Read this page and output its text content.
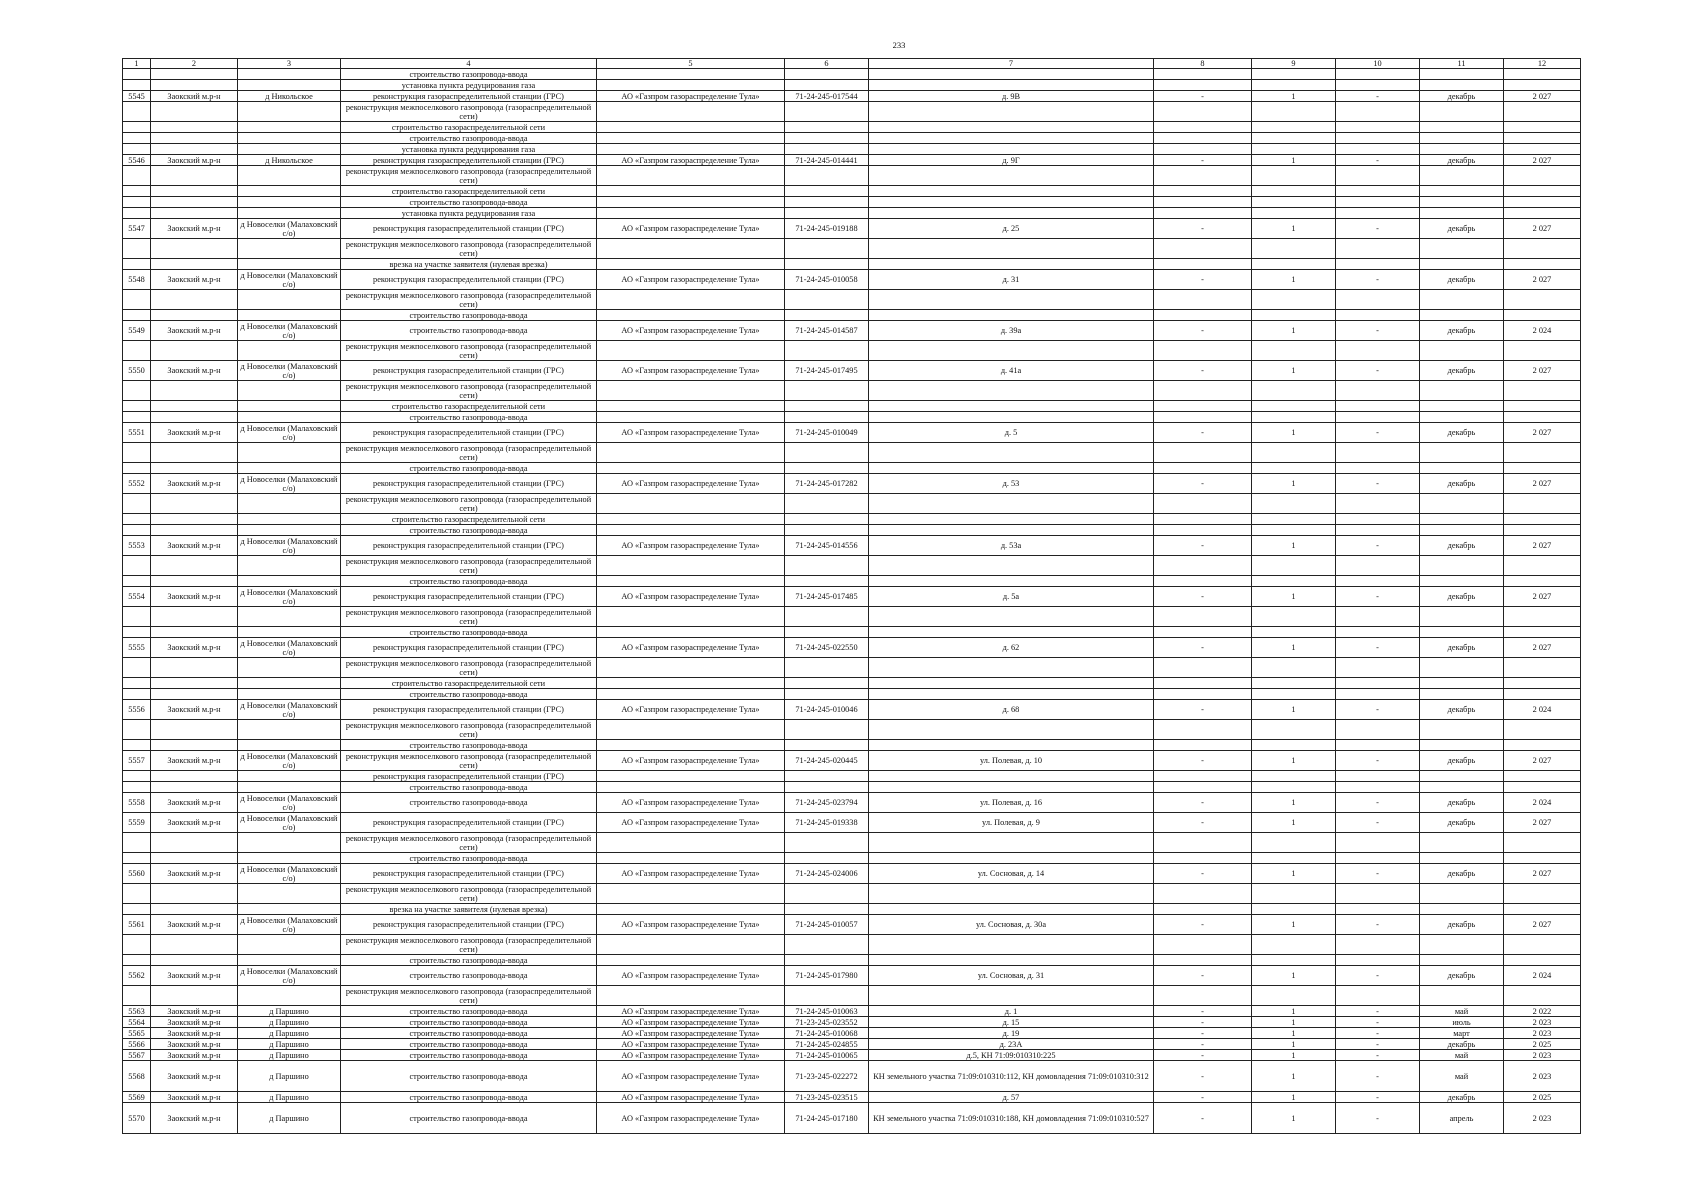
233
1	2	3	4	5	6	7	8	9	10	11	12
			строительство газопровода-ввода								
			установка пункта редуцирования газа								
5545	Заокский м.р-н	д Никольское	реконструкция газораспределительной станции (ГРС)	АО «Газпром газораспределение Тула»	71-24-245-017544	д. 9В	-	1	-	декабрь	2 027
			реконструкция межпоселкового газопровода (газораспределительной сети)								
			строительство газораспределительной сети								
			строительство газопровода-ввода								
			установка пункта редуцирования газа								
5546	Заокский м.р-н	д Никольское	реконструкция газораспределительной станции (ГРС)	АО «Газпром газораспределение Тула»	71-24-245-014441	д. 9Г	-	1	-	декабрь	2 027
			реконструкция межпоселкового газопровода (газораспределительной сети)								
			строительство газораспределительной сети								
			строительство газопровода-ввода								
			установка пункта редуцирования газа								
5547	Заокский м.р-н	д Новоселки (Малаховский с/о)	реконструкция газораспределительной станции (ГРС)	АО «Газпром газораспределение Тула»	71-24-245-019188	д. 25	-	1	-	декабрь	2 027
			реконструкция межпоселкового газопровода (газораспределительной сети)								
			врезка на участке заявителя (нулевая врезка)								
5548	Заокский м.р-н	д Новоселки (Малаховский с/о)	реконструкция газораспределительной станции (ГРС)	АО «Газпром газораспределение Тула»	71-24-245-010058	д. 31	-	1	-	декабрь	2 027
			реконструкция межпоселкового газопровода (газораспределительной сети)								
			строительство газопровода-ввода								
5549	Заокский м.р-н	д Новоселки (Малаховский с/о)	строительство газопровода-ввода	АО «Газпром газораспределение Тула»	71-24-245-014587	д. 39а	-	1	-	декабрь	2 024
			реконструкция межпоселкового газопровода (газораспределительной сети)								
5550	Заокский м.р-н	д Новоселки (Малаховский с/о)	реконструкция газораспределительной станции (ГРС)	АО «Газпром газораспределение Тула»	71-24-245-017495	д. 41а	-	1	-	декабрь	2 027
			реконструкция межпоселкового газопровода (газораспределительной сети)								
			строительство газораспределительной сети								
			строительство газопровода-ввода								
5551	Заокский м.р-н	д Новоселки (Малаховский с/о)	реконструкция газораспределительной станции (ГРС)	АО «Газпром газораспределение Тула»	71-24-245-010049	д. 5	-	1	-	декабрь	2 027
			реконструкция межпоселкового газопровода (газораспределительной сети)								
			строительство газопровода-ввода								
5552	Заокский м.р-н	д Новоселки (Малаховский с/о)	реконструкция газораспределительной станции (ГРС)	АО «Газпром газораспределение Тула»	71-24-245-017282	д. 53	-	1	-	декабрь	2 027
			реконструкция межпоселкового газопровода (газораспределительной сети)								
			строительство газораспределительной сети								
			строительство газопровода-ввода								
5553	Заокский м.р-н	д Новоселки (Малаховский с/о)	реконструкция газораспределительной станции (ГРС)	АО «Газпром газораспределение Тула»	71-24-245-014556	д. 53а	-	1	-	декабрь	2 027
			реконструкция межпоселкового газопровода (газораспределительной сети)								
			строительство газопровода-ввода								
5554	Заокский м.р-н	д Новоселки (Малаховский с/о)	реконструкция газораспределительной станции (ГРС)	АО «Газпром газораспределение Тула»	71-24-245-017485	д. 5а	-	1	-	декабрь	2 027
			реконструкция межпоселкового газопровода (газораспределительной сети)								
			строительство газопровода-ввода								
5555	Заокский м.р-н	д Новоселки (Малаховский с/о)	реконструкция газораспределительной станции (ГРС)	АО «Газпром газораспределение Тула»	71-24-245-022550	д. 62	-	1	-	декабрь	2 027
			реконструкция межпоселкового газопровода (газораспределительной сети)								
			строительство газораспределительной сети								
			строительство газопровода-ввода								
5556	Заокский м.р-н	д Новоселки (Малаховский с/о)	реконструкция газораспределительной станции (ГРС)	АО «Газпром газораспределение Тула»	71-24-245-010046	д. 68	-	1	-	декабрь	2 024
			реконструкция межпоселкового газопровода (газораспределительной сети)								
			строительство газопровода-ввода								
5557	Заокский м.р-н	д Новоселки (Малаховский с/о)	реконструкция межпоселкового газопровода (газораспределительной сети)	АО «Газпром газораспределение Тула»	71-24-245-020445	ул. Полевая, д. 10	-	1	-	декабрь	2 027
			реконструкция газораспределительной станции (ГРС)								
			строительство газопровода-ввода								
5558	Заокский м.р-н	д Новоселки (Малаховский с/о)	строительство газопровода-ввода	АО «Газпром газораспределение Тула»	71-24-245-023794	ул. Полевая, д. 16	-	1	-	декабрь	2 024
5559	Заокский м.р-н	д Новоселки (Малаховский с/о)	реконструкция газораспределительной станции (ГРС)	АО «Газпром газораспределение Тула»	71-24-245-019338	ул. Полевая, д. 9	-	1	-	декабрь	2 027
			реконструкция межпоселкового газопровода (газораспределительной сети)								
			строительство газопровода-ввода								
5560	Заокский м.р-н	д Новоселки (Малаховский с/о)	реконструкция газораспределительной станции (ГРС)	АО «Газпром газораспределение Тула»	71-24-245-024006	ул. Сосновая, д. 14	-	1	-	декабрь	2 027
			реконструкция межпоселкового газопровода (газораспределительной сети)								
			врезка на участке заявителя (нулевая врезка)								
5561	Заокский м.р-н	д Новоселки (Малаховский с/о)	реконструкция газораспределительной станции (ГРС)	АО «Газпром газораспределение Тула»	71-24-245-010057	ул. Сосновая, д. 30а	-	1	-	декабрь	2 027
			реконструкция межпоселкового газопровода (газораспределительной сети)								
			строительство газопровода-ввода								
5562	Заокский м.р-н	д Новоселки (Малаховский с/о)	строительство газопровода-ввода	АО «Газпром газораспределение Тула»	71-24-245-017980	ул. Сосновая, д. 31	-	1	-	декабрь	2 024
			реконструкция межпоселкового газопровода (газораспределительной сети)								
5563	Заокский м.р-н	д Паршино	строительство газопровода-ввода	АО «Газпром газораспределение Тула»	71-24-245-010063	д. 1	-	1	-	май	2 022
5564	Заокский м.р-н	д Паршино	строительство газопровода-ввода	АО «Газпром газораспределение Тула»	71-23-245-023552	д. 15	-	1	-	июль	2 023
5565	Заокский м.р-н	д Паршино	строительство газопровода-ввода	АО «Газпром газораспределение Тула»	71-24-245-010068	д. 19	-	1	-	март	2 023
5566	Заокский м.р-н	д Паршино	строительство газопровода-ввода	АО «Газпром газораспределение Тула»	71-24-245-024855	д. 23А	-	1	-	декабрь	2 025
5567	Заокский м.р-н	д Паршино	строительство газопровода-ввода	АО «Газпром газораспределение Тула»	71-24-245-010065	д.5, КН 71:09:010310:225	-	1	-	май	2 023
5568	Заокский м.р-н	д Паршино	строительство газопровода-ввода	АО «Газпром газораспределение Тула»	71-23-245-022272	КН земельного участка 71:09:010310:112, КН домовладения 71:09:010310:312	-	1	-	май	2 023
5569	Заокский м.р-н	д Паршино	строительство газопровода-ввода	АО «Газпром газораспределение Тула»	71-23-245-023515	д. 57	-	1	-	декабрь	2 025
5570	Заокский м.р-н	д Паршино	строительство газопровода-ввода	АО «Газпром газораспределение Тула»	71-24-245-017180	КН земельного участка 71:09:010310:188, КН домовладения 71:09:010310:527	-	1	-	апрель	2 023
